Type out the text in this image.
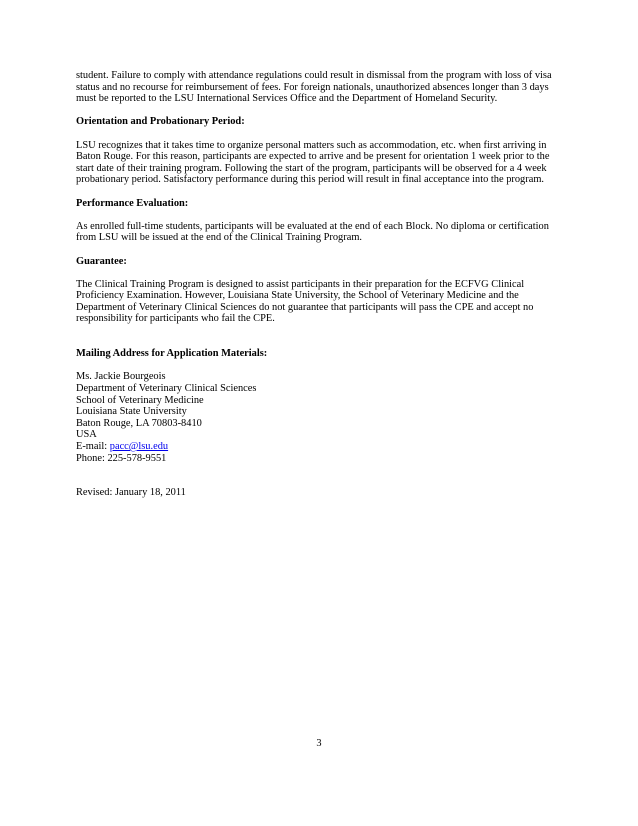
student. Failure to comply with attendance regulations could result in dismissal from the program with loss of visa
status and no recourse for reimbursement of fees. For foreign nationals, unauthorized absences longer than 3 days
must be reported to the LSU International Services Office and the Department of Homeland Security.
Orientation and Probationary Period:
LSU recognizes that it takes time to organize personal matters such as accommodation, etc. when first arriving in
Baton Rouge. For this reason, participants are expected to arrive and be present for orientation 1 week prior to the
start date of their training program. Following the start of the program, participants will be observed for a 4 week
probationary period. Satisfactory performance during this period will result in final acceptance into the program.
Performance Evaluation:
As enrolled full-time students, participants will be evaluated at the end of each Block. No diploma or certification
from LSU will be issued at the end of the Clinical Training Program.
Guarantee:
The Clinical Training Program is designed to assist participants in their preparation for the ECFVG Clinical
Proficiency Examination. However, Louisiana State University, the School of Veterinary Medicine and the
Department of Veterinary Clinical Sciences do not guarantee that participants will pass the CPE and accept no
responsibility for participants who fail the CPE.
Mailing Address for Application Materials:
Ms. Jackie Bourgeois
Department of Veterinary Clinical Sciences
School of Veterinary Medicine
Louisiana State University
Baton Rouge, LA 70803-8410
USA
E-mail: pacc@lsu.edu
Phone: 225-578-9551
Revised: January 18, 2011
3
